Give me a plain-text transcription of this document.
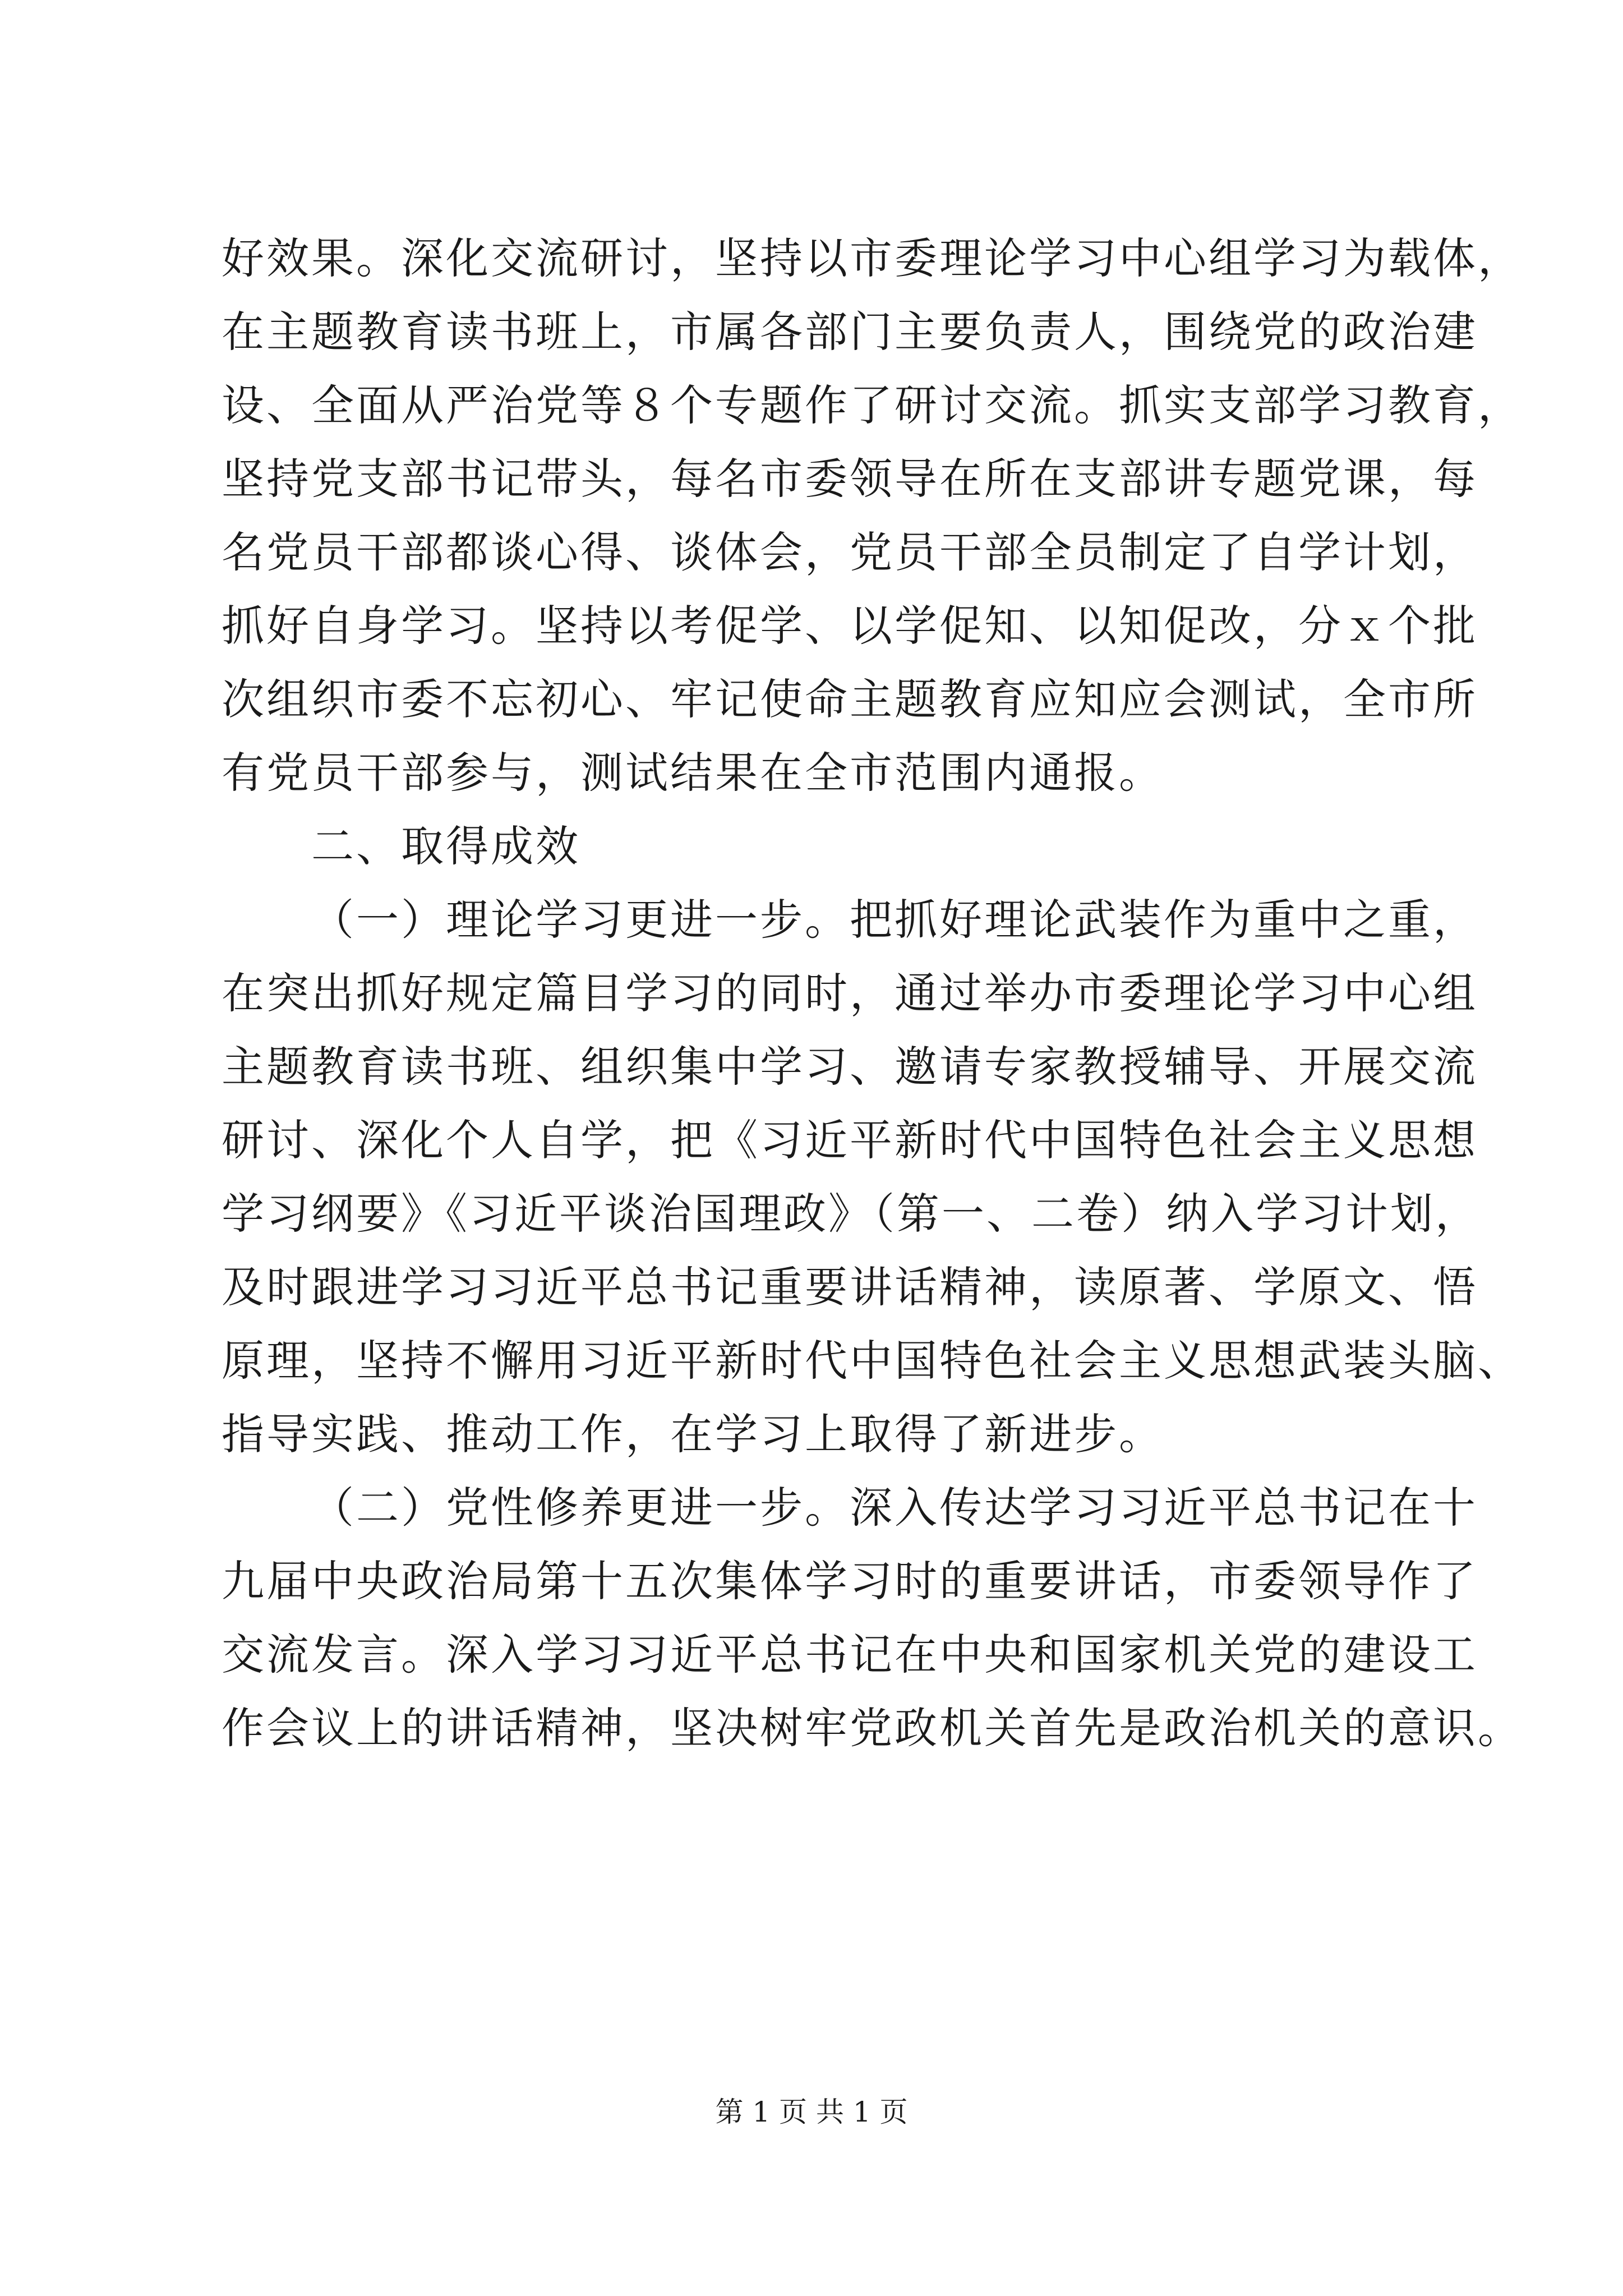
好效果。深化交流研讨，坚持以市委理论学习中心组学习为载体，
在主题教育读书班上，市属各部门主要负责人，围绕党的政治建
设、全面从严治党等８个专题作了研讨交流。抓实支部学习教育，
坚持党支部书记带头，每名市委领导在所在支部讲专题党课，每
名党员干部都谈心得、谈体会，党员干部全员制定了自学计划，
抓好自身学习。坚持以考促学、以学促知、以知促改，分ｘ个批
次组织市委不忘初心、牢记使命主题教育应知应会测试，全市所
有党员干部参与，测试结果在全市范围内通报。
二、取得成效
（一）理论学习更进一步。把抓好理论武装作为重中之重，
在突出抓好规定篇目学习的同时，通过举办市委理论学习中心组
主题教育读书班、组织集中学习、邀请专家教授辅导、开展交流
研讨、深化个人自学，把《习近平新时代中国特色社会主义思想
学习纲要》《习近平谈治国理政》（第一、二卷）纳入学习计划，
及时跟进学习习近平总书记重要讲话精神，读原著、学原文、悟
原理，坚持不懈用习近平新时代中国特色社会主义思想武装头脑、
指导实践、推动工作，在学习上取得了新进步。
（二）党性修养更进一步。深入传达学习习近平总书记在十
九届中央政治局第十五次集体学习时的重要讲话，市委领导作了
交流发言。深入学习习近平总书记在中央和国家机关党的建设工
作会议上的讲话精神，坚决树牢党政机关首先是政治机关的意识。
第 1 页 共 1 页
